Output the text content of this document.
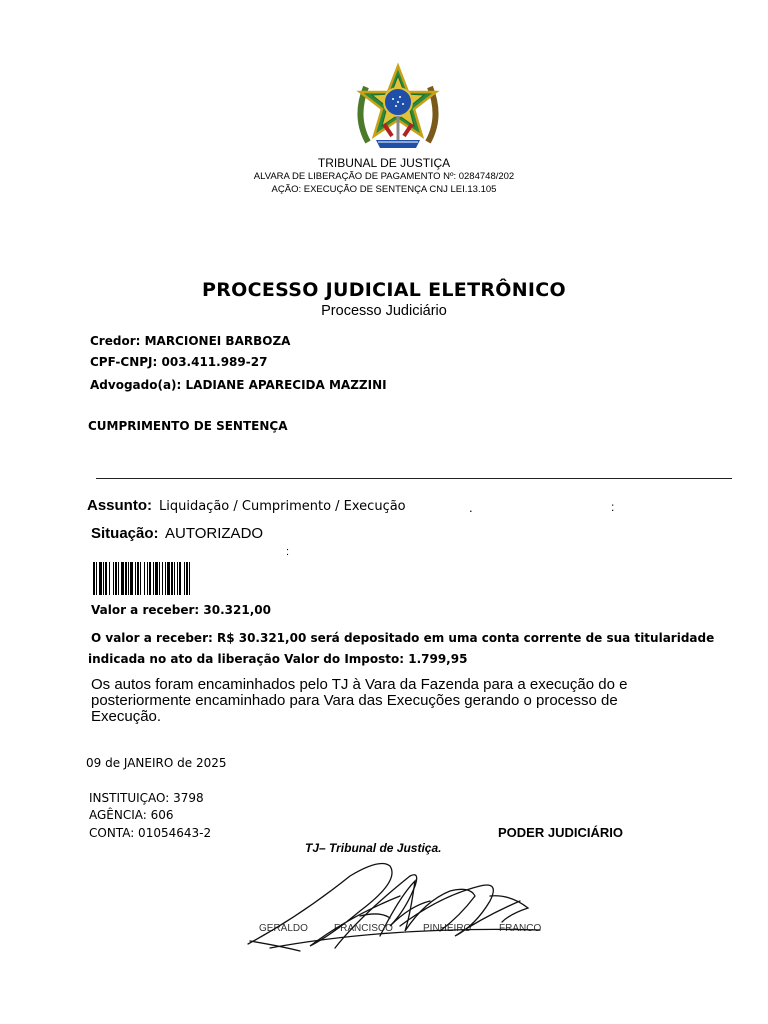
TRIBUNAL DE JUSTIÇA
ALVARA DE LIBERAÇÃO DE PAGAMENTO Nº: 0284748/202
AÇÃO: EXECUÇÃO DE SENTENÇA CNJ LEI.13.105
PROCESSO JUDICIAL ELETRÔNICO
Processo Judiciário
Credor: MARCIONEI BARBOZA
CPF-CNPJ: 003.411.989-27
Advogado(a): LADIANE APARECIDA MAZZINI
CUMPRIMENTO DE SENTENÇA
Assunto: Liquidação / Cumprimento / Execução	.	:
Situação: AUTORIZADO
:
Valor a receber: 30.321,00
O valor a receber: R$ 30.321,00 será depositado em uma conta corrente de sua titularidade
indicada no ato da liberação Valor do Imposto: 1.799,95

Os autos foram encaminhados pelo TJ à Vara da Fazenda para a execução do e

posteriormente encaminhado para Vara das Execuções gerando o processo de

Execução.

09 de JANEIRO de 2025
INSTITUIÇAO: 3798
AGÊNCIA: 606
CONTA: 01054643-2	PODER JUDICIÁRIO
TJ– Tribunal de Justiça.
GERALDO	FRANCISCO	PINHEIRO	FRANCO
